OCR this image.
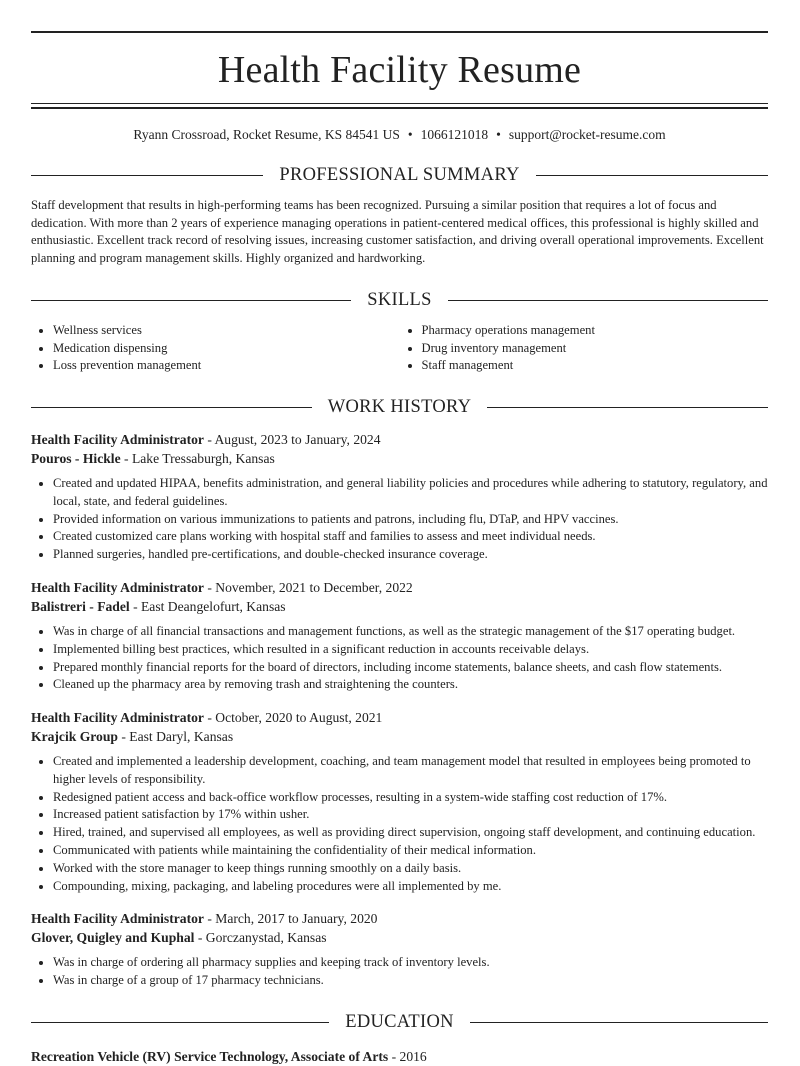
Health Facility Resume
Ryann Crossroad, Rocket Resume, KS 84541 US • 1066121018 • support@rocket-resume.com
PROFESSIONAL SUMMARY
Staff development that results in high-performing teams has been recognized. Pursuing a similar position that requires a lot of focus and dedication. With more than 2 years of experience managing operations in patient-centered medical offices, this professional is highly skilled and enthusiastic. Excellent track record of resolving issues, increasing customer satisfaction, and driving overall operational improvements. Excellent planning and program management skills. Highly organized and hardworking.
SKILLS
• Wellness services
• Medication dispensing
• Loss prevention management
• Pharmacy operations management
• Drug inventory management
• Staff management
WORK HISTORY
Health Facility Administrator - August, 2023 to January, 2024
Pouros - Hickle - Lake Tressaburgh, Kansas
• Created and updated HIPAA, benefits administration, and general liability policies and procedures while adhering to statutory, regulatory, and local, state, and federal guidelines.
• Provided information on various immunizations to patients and patrons, including flu, DTaP, and HPV vaccines.
• Created customized care plans working with hospital staff and families to assess and meet individual needs.
• Planned surgeries, handled pre-certifications, and double-checked insurance coverage.
Health Facility Administrator - November, 2021 to December, 2022
Balistreri - Fadel - East Deangelofurt, Kansas
• Was in charge of all financial transactions and management functions, as well as the strategic management of the $17 operating budget.
• Implemented billing best practices, which resulted in a significant reduction in accounts receivable delays.
• Prepared monthly financial reports for the board of directors, including income statements, balance sheets, and cash flow statements.
• Cleaned up the pharmacy area by removing trash and straightening the counters.
Health Facility Administrator - October, 2020 to August, 2021
Krajcik Group - East Daryl, Kansas
• Created and implemented a leadership development, coaching, and team management model that resulted in employees being promoted to higher levels of responsibility.
• Redesigned patient access and back-office workflow processes, resulting in a system-wide staffing cost reduction of 17%.
• Increased patient satisfaction by 17% within usher.
• Hired, trained, and supervised all employees, as well as providing direct supervision, ongoing staff development, and continuing education.
• Communicated with patients while maintaining the confidentiality of their medical information.
• Worked with the store manager to keep things running smoothly on a daily basis.
• Compounding, mixing, packaging, and labeling procedures were all implemented by me.
Health Facility Administrator - March, 2017 to January, 2020
Glover, Quigley and Kuphal - Gorczanystad, Kansas
• Was in charge of ordering all pharmacy supplies and keeping track of inventory levels.
• Was in charge of a group of 17 pharmacy technicians.
EDUCATION
Recreation Vehicle (RV) Service Technology, Associate of Arts - 2016
